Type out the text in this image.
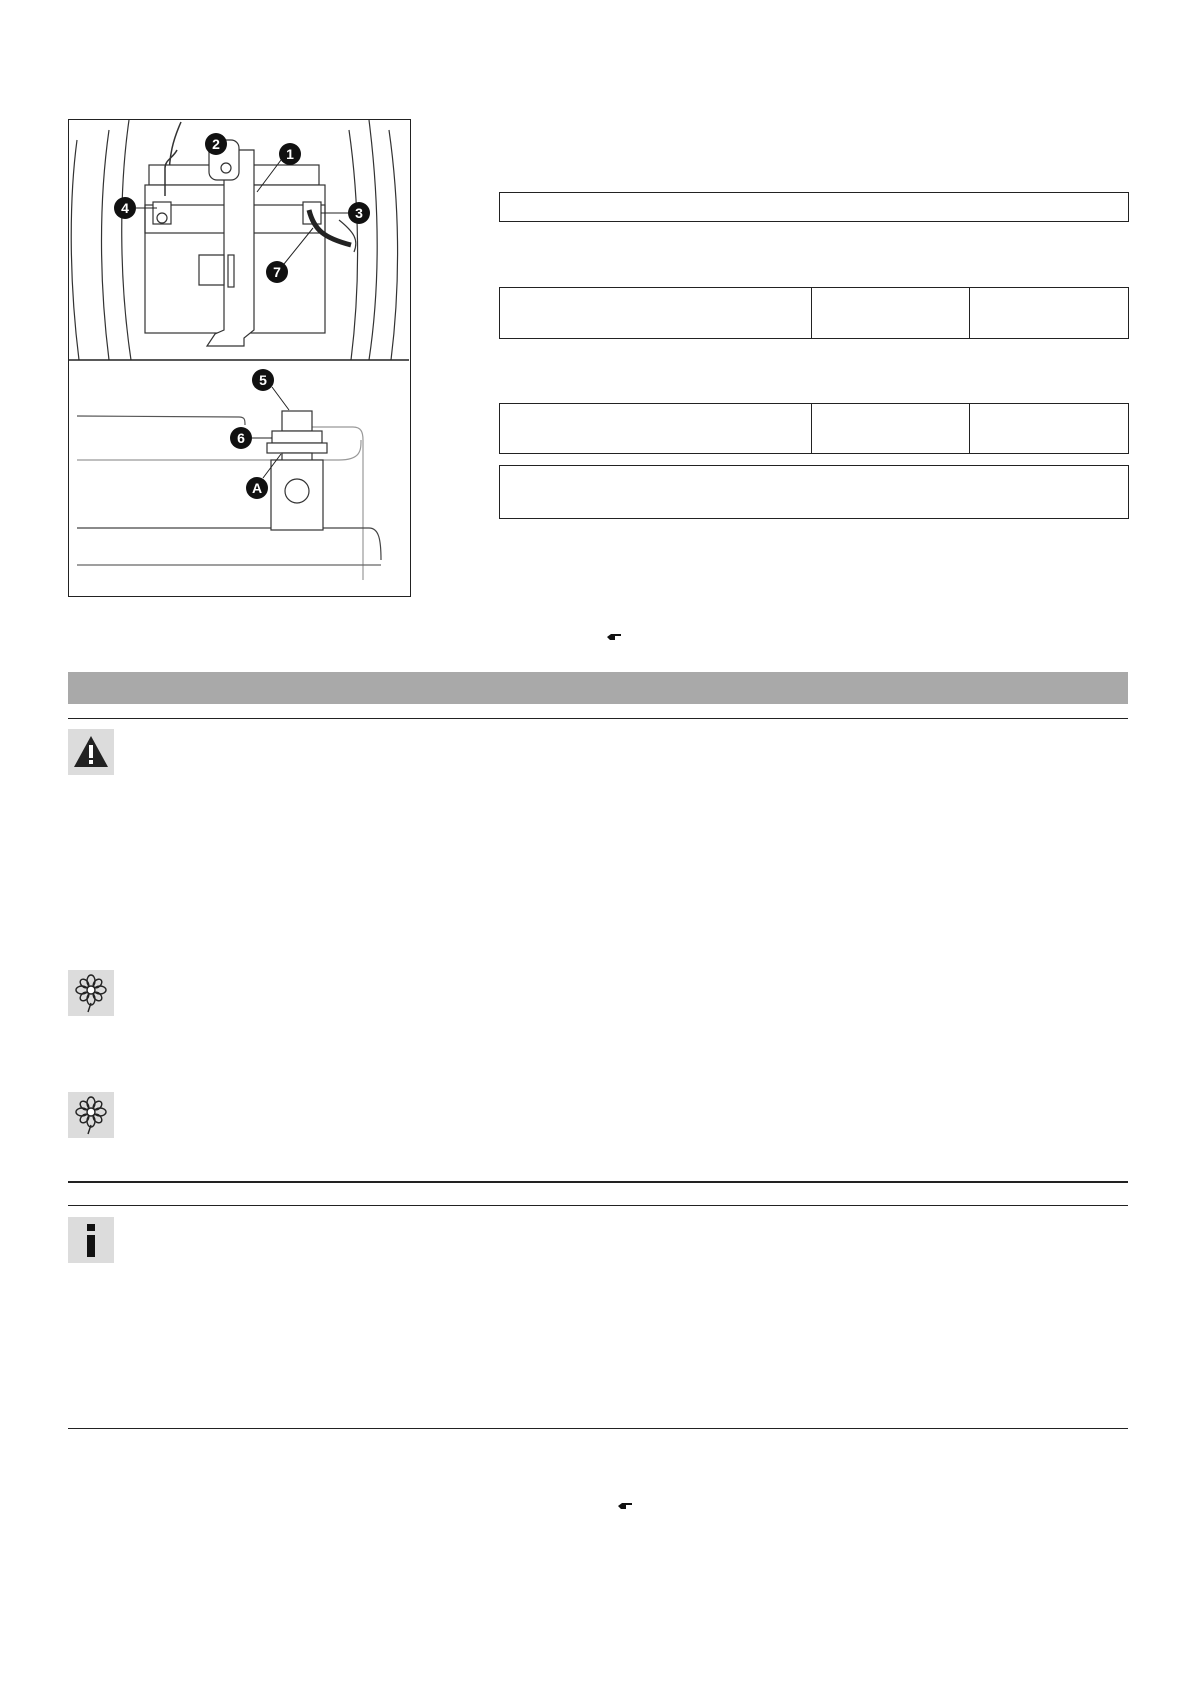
2
1
4	3
7
5
6
A
